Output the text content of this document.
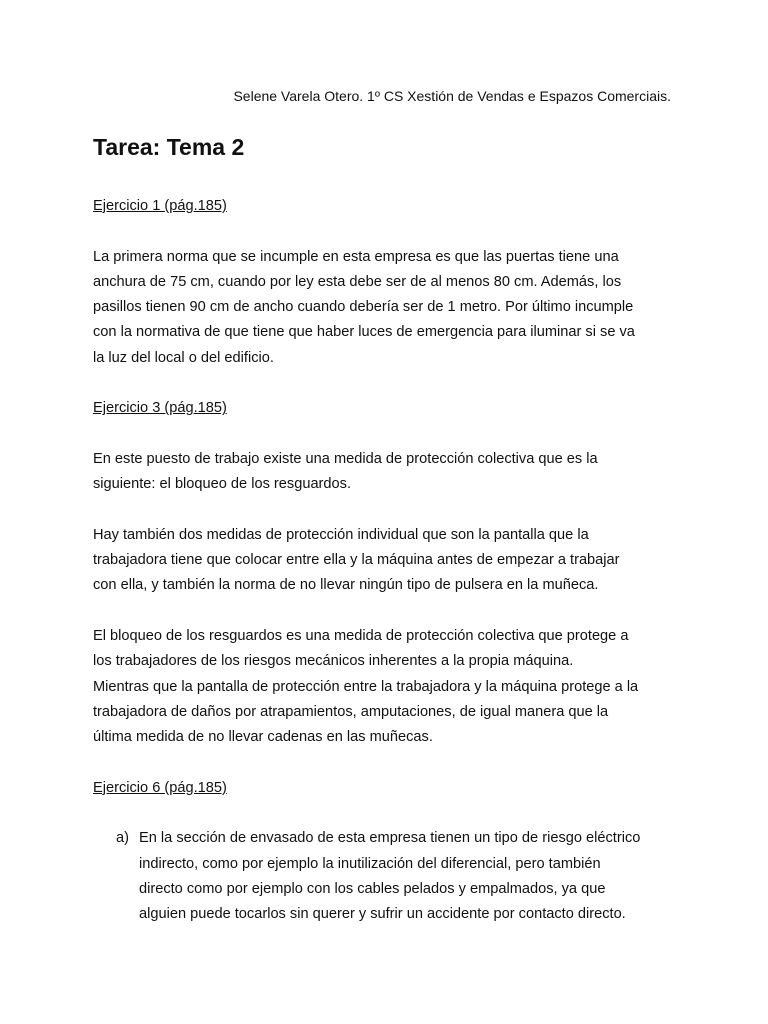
Selene Varela Otero. 1º CS Xestión de Vendas e Espazos Comerciais.
Tarea: Tema 2

Ejercicio 1 (pág.185)

La primera norma que se incumple en esta empresa es que las puertas tiene una
anchura de 75 cm, cuando por ley esta debe ser de al menos 80 cm. Además, los
pasillos tienen 90 cm de ancho cuando debería ser de 1 metro. Por último incumple
con la normativa de que tiene que haber luces de emergencia para iluminar si se va
la luz del local o del edificio.

Ejercicio 3 (pág.185)

En este puesto de trabajo existe una medida de protección colectiva que es la
siguiente: el bloqueo de los resguardos.

Hay también dos medidas de protección individual que son la pantalla que la
trabajadora tiene que colocar entre ella y la máquina antes de empezar a trabajar
con ella, y también la norma de no llevar ningún tipo de pulsera en la muñeca.

El bloqueo de los resguardos es una medida de protección colectiva que protege a
los trabajadores de los riesgos mecánicos inherentes a la propia máquina.
Mientras que la pantalla de protección entre la trabajadora y la máquina protege a la
trabajadora de daños por atrapamientos, amputaciones, de igual manera que la
última medida de no llevar cadenas en las muñecas.

Ejercicio 6 (pág.185)

a) En la sección de envasado de esta empresa tienen un tipo de riesgo eléctrico
indirecto, como por ejemplo la inutilización del diferencial, pero también
directo como por ejemplo con los cables pelados y empalmados, ya que
alguien puede tocarlos sin querer y sufrir un accidente por contacto directo.
